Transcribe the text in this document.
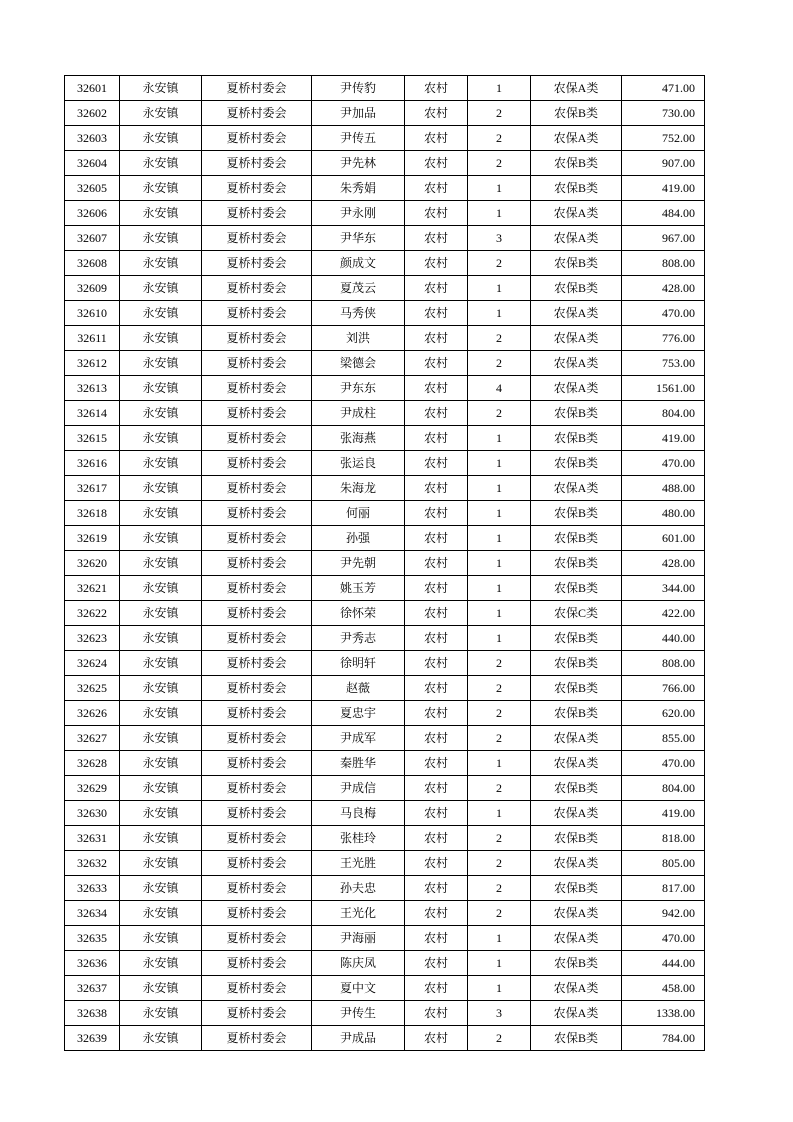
32601	永安镇	夏桥村委会	尹传豹	农村	1	农保A类	471.00
32602	永安镇	夏桥村委会	尹加品	农村	2	农保B类	730.00
32603	永安镇	夏桥村委会	尹传五	农村	2	农保A类	752.00
32604	永安镇	夏桥村委会	尹先林	农村	2	农保B类	907.00
32605	永安镇	夏桥村委会	朱秀娟	农村	1	农保B类	419.00
32606	永安镇	夏桥村委会	尹永刚	农村	1	农保A类	484.00
32607	永安镇	夏桥村委会	尹华东	农村	3	农保A类	967.00
32608	永安镇	夏桥村委会	颜成文	农村	2	农保B类	808.00
32609	永安镇	夏桥村委会	夏茂云	农村	1	农保B类	428.00
32610	永安镇	夏桥村委会	马秀侠	农村	1	农保A类	470.00
32611	永安镇	夏桥村委会	刘洪	农村	2	农保A类	776.00
32612	永安镇	夏桥村委会	梁德会	农村	2	农保A类	753.00
32613	永安镇	夏桥村委会	尹东东	农村	4	农保A类	1561.00
32614	永安镇	夏桥村委会	尹成柱	农村	2	农保B类	804.00
32615	永安镇	夏桥村委会	张海燕	农村	1	农保B类	419.00
32616	永安镇	夏桥村委会	张运良	农村	1	农保B类	470.00
32617	永安镇	夏桥村委会	朱海龙	农村	1	农保A类	488.00
32618	永安镇	夏桥村委会	何丽	农村	1	农保B类	480.00
32619	永安镇	夏桥村委会	孙强	农村	1	农保B类	601.00
32620	永安镇	夏桥村委会	尹先朝	农村	1	农保B类	428.00
32621	永安镇	夏桥村委会	姚玉芳	农村	1	农保B类	344.00
32622	永安镇	夏桥村委会	徐怀荣	农村	1	农保C类	422.00
32623	永安镇	夏桥村委会	尹秀志	农村	1	农保B类	440.00
32624	永安镇	夏桥村委会	徐明轩	农村	2	农保B类	808.00
32625	永安镇	夏桥村委会	赵薇	农村	2	农保B类	766.00
32626	永安镇	夏桥村委会	夏忠宇	农村	2	农保B类	620.00
32627	永安镇	夏桥村委会	尹成军	农村	2	农保A类	855.00
32628	永安镇	夏桥村委会	秦胜华	农村	1	农保A类	470.00
32629	永安镇	夏桥村委会	尹成信	农村	2	农保B类	804.00
32630	永安镇	夏桥村委会	马良梅	农村	1	农保A类	419.00
32631	永安镇	夏桥村委会	张桂玲	农村	2	农保B类	818.00
32632	永安镇	夏桥村委会	王光胜	农村	2	农保A类	805.00
32633	永安镇	夏桥村委会	孙夫忠	农村	2	农保B类	817.00
32634	永安镇	夏桥村委会	王光化	农村	2	农保A类	942.00
32635	永安镇	夏桥村委会	尹海丽	农村	1	农保A类	470.00
32636	永安镇	夏桥村委会	陈庆凤	农村	1	农保B类	444.00
32637	永安镇	夏桥村委会	夏中文	农村	1	农保A类	458.00
32638	永安镇	夏桥村委会	尹传生	农村	3	农保A类	1338.00
32639	永安镇	夏桥村委会	尹成品	农村	2	农保B类	784.00
